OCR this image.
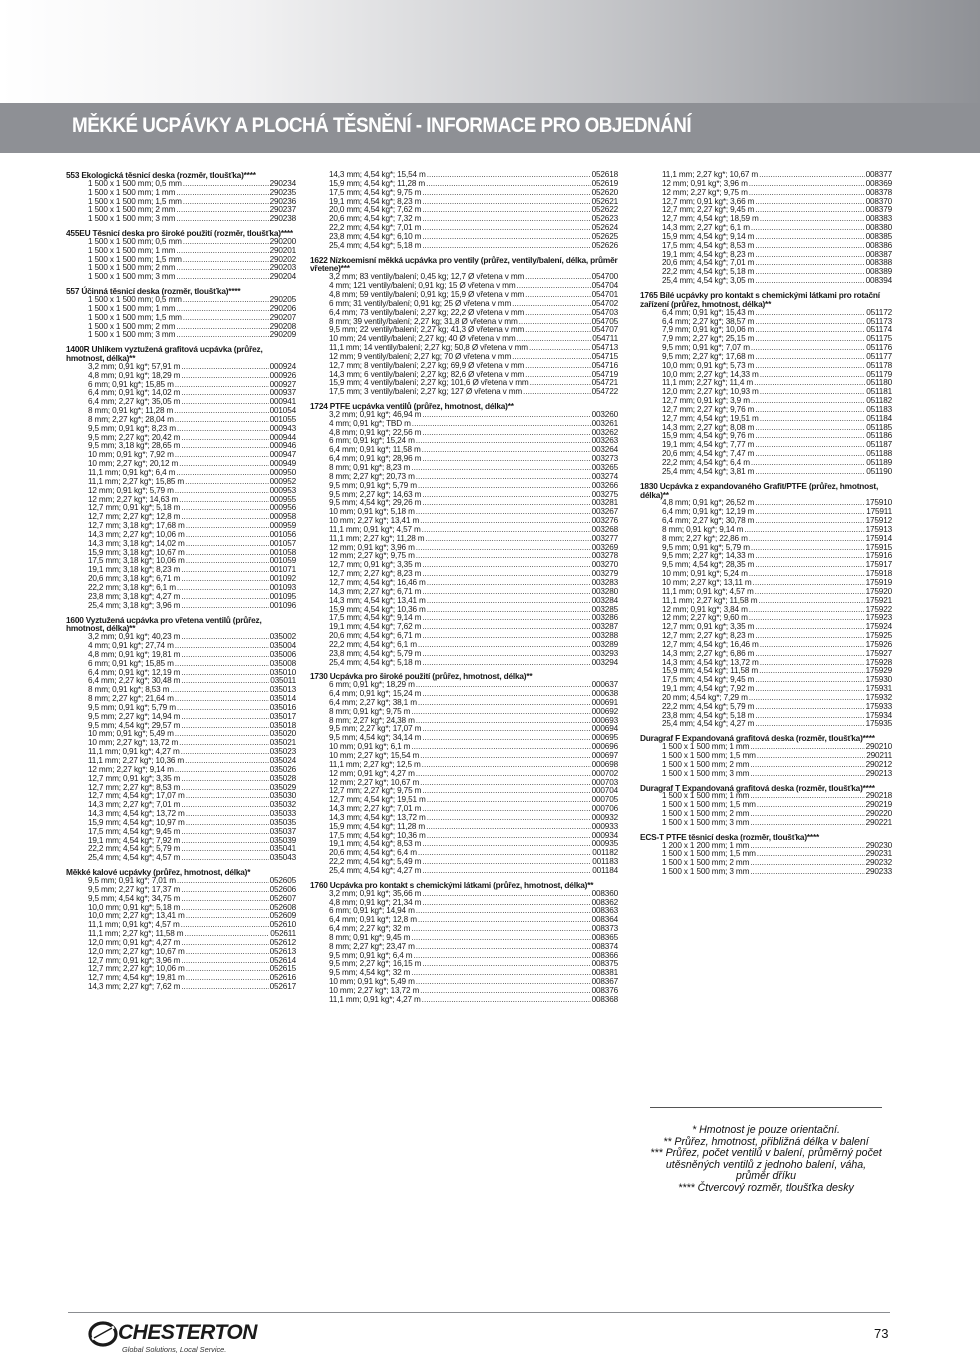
MĚKKÉ UCPÁVKY A PLOCHÁ TĚSNĚNÍ - INFORMACE PRO OBJEDNÁNÍ
553 Ekologická těsnicí deska (rozměr, tloušťka)****
1 500 x 1 500 mm; 0,5 mm .....	290234
1 500 x 1 500 mm; 1 mm .....	290235
1 500 x 1 500 mm; 1,5 mm .....	290236
1 500 x 1 500 mm; 2 mm .....	290237
1 500 x 1 500 mm; 3 mm .....	290238
455EU Těsnicí deska pro široké použití (rozměr, tloušťka)****
1 500 x 1 500 mm; 0,5 mm .....	290200
1 500 x 1 500 mm; 1 mm .....	290201
1 500 x 1 500 mm; 1,5 mm .....	290202
1 500 x 1 500 mm; 2 mm .....	290203
1 500 x 1 500 mm; 3 mm .....	290204
557 Účinná těsnicí deska (rozměr, tloušťka)****
1 500 x 1 500 mm; 0,5 mm .....	290205
1 500 x 1 500 mm; 1 mm .....	290206
1 500 x 1 500 mm; 1,5 mm .....	290207
1 500 x 1 500 mm; 2 mm .....	290208
1 500 x 1 500 mm; 3 mm .....	290209
1400R Uhlíkem vyztužená grafitová ucpávka (průřez, hmotnost, délka)**
3,2 mm; 0,91 kg*; 57,91 m .....	000924
4,8 mm; 0,91 kg*; 18,29 m .....	000926
6 mm; 0,91 kg*; 15,85 m .....	000927
6,4 mm; 0,91 kg*; 14,02 m .....	000937
6,4 mm; 2,27 kg*; 35,05 m .....	000941
8 mm; 0,91 kg*; 11,28 m .....	001054
8 mm; 2,27 kg*; 28,04 m .....	001055
9,5 mm; 0,91 kg*; 8,23 m .....	000943
9,5 mm; 2,27 kg*; 20,42 m .....	000944
9,5 mm; 3,18 kg*; 28,65 m .....	000946
10 mm; 0,91 kg*; 7,92 m .....	000947
10 mm; 2,27 kg*; 20,12 m .....	000949
11,1 mm; 0,91 kg*; 6,4 m .....	000950
11,1 mm; 2,27 kg*; 15,85 m .....	000952
12 mm; 0,91 kg*; 5,79 m .....	000953
12 mm; 2,27 kg*; 14,63 m .....	000955
12,7 mm; 0,91 kg*; 5,18 m .....	000956
12,7 mm; 2,27 kg*; 12,8 m .....	000958
12,7 mm; 3,18 kg*; 17,68 m .....	000959
14,3 mm; 2,27 kg*; 10,06 m .....	001056
14,3 mm; 3,18 kg*; 14,02 m .....	001057
15,9 mm; 3,18 kg*; 10,67 m .....	001058
17,5 mm; 3,18 kg*; 10,06 m .....	001059
19,1 mm; 3,18 kg*; 8,23 m .....	001071
20,6 mm; 3,18 kg*; 6,71 m .....	001092
22,2 mm; 3,18 kg*; 6,1 m .....	001093
23,8 mm; 3,18 kg*; 4,27 m .....	001095
25,4 mm; 3,18 kg*; 3,96 m .....	001096
1600 Vyztužená ucpávka pro vřetena ventilů (průřez, hmotnost, délka)**
3,2 mm; 0,91 kg*; 40,23 m .....	035002
4 mm; 0,91 kg*; 27,74 m .....	035004
4,8 mm; 0,91 kg*; 19,81 m .....	035006
6 mm; 0,91 kg*; 15,85 m .....	035008
6,4 mm; 0,91 kg*; 12,19 m .....	035010
6,4 mm; 2,27 kg*; 30,48 m .....	035011
8 mm; 0,91 kg*; 8,53 m .....	035013
8 mm; 2,27 kg*; 21,64 m .....	035014
9,5 mm; 0,91 kg*; 5,79 m .....	035016
9,5 mm; 2,27 kg*; 14,94 m .....	035017
9,5 mm; 4,54 kg*; 29,57 m .....	035018
10 mm; 0,91 kg*; 5,49 m .....	035020
10 mm; 2,27 kg*; 13,72 m .....	035021
11,1 mm; 0,91 kg*; 4,27 m .....	035023
11,1 mm; 2,27 kg*; 10,36 m .....	035024
12 mm; 2,27 kg*; 9,14 m .....	035026
12,7 mm; 0,91 kg*; 3,35 m .....	035028
12,7 mm; 2,27 kg*; 8,53 m .....	035029
12,7 mm; 4,54 kg*; 17,07 m .....	035030
14,3 mm; 2,27 kg*; 7,01 m .....	035032
14,3 mm; 4,54 kg*; 13,72 m .....	035033
15,9 mm; 4,54 kg*; 10,97 m .....	035035
17,5 mm; 4,54 kg*; 9,45 m .....	035037
19,1 mm; 4,54 kg*; 7,92 m .....	035039
22,2 mm; 4,54 kg*; 5,79 m .....	035041
25,4 mm; 4,54 kg*; 4,57 m .....	035043
Měkké kalové ucpávky (průřez, hmotnost, délka)*
9,5 mm; 0,91 kg*; 7,01 m .....	052605
9,5 mm; 2,27 kg*; 17,37 m .....	052606
9,5 mm; 4,54 kg*; 34,75 m .....	052607
10,0 mm; 0,91 kg*; 5,18 m .....	052608
10,0 mm; 2,27 kg*; 13,41 m .....	052609
11,1 mm; 0,91 kg*; 4,57 m .....	052610
11,1 mm; 2,27 kg*; 11,58 m .....	052611
12,0 mm; 0,91 kg*; 4,27 m .....	052612
12,0 mm; 2,27 kg*; 10,67 m .....	052613
12,7 mm; 0,91 kg*; 3,96 m .....	052614
12,7 mm; 2,27 kg*; 10,06 m .....	052615
12,7 mm; 4,54 kg*; 19,81 m .....	052616
14,3 mm; 2,27 kg*; 7,62 m .....	052617
14,3 mm; 4,54 kg*; 15,54 m .....	052618
15,9 mm; 4,54 kg*; 11,28 m .....	052619
17,5 mm; 4,54 kg*; 9,75 m .....	052620
19,1 mm; 4,54 kg*; 8,23 m .....	052621
20,0 mm; 4,54 kg*; 7,62 m .....	052622
20,6 mm; 4,54 kg*; 7,32 m .....	052623
22,2 mm; 4,54 kg*; 7,01 m .....	052624
23,8 mm; 4,54 kg*; 6,10 m .....	052625
25,4 mm; 4,54 kg*; 5,18 m .....	052626
1622 Nízkoemisní měkká ucpávka pro ventily (průřez, ventily/balení, délka, průměr vřetene)***
3,2 mm; 83 ventily/balení; 0,45 kg; 12,7 Ø vřetena v mm .....	054700
4 mm; 121 ventily/balení; 0,91 kg; 15 Ø vřetena v mm .....	054704
4,8 mm; 59 ventily/balení; 0,91 kg; 15,9 Ø vřetena v mm .....	054701
6 mm; 31 ventily/balení; 0,91 kg; 25 Ø vřetena v mm .....	054702
6,4 mm; 73 ventily/balení; 2,27 kg; 22,2 Ø vřetena v mm .....	054703
8 mm; 39 ventily/balení; 2,27 kg; 31,8 Ø vřetena v mm .....	054705
9,5 mm; 22 ventily/balení; 2,27 kg; 41,3 Ø vřetena v mm .....	054707
10 mm; 24 ventily/balení; 2,27 kg; 40 Ø vřetena v mm .....	054711
11,1 mm; 14 ventily/balení; 2,27 kg; 50,8 Ø vřetena v mm .....	054713
12 mm; 9 ventily/balení; 2,27 kg; 70 Ø vřetena v mm .....	054715
12,7 mm; 8 ventily/balení; 2,27 kg; 69,9 Ø vřetena v mm .....	054716
14,3 mm; 6 ventily/balení; 2,27 kg; 82,6 Ø vřetena v mm .....	054719
15,9 mm; 4 ventily/balení; 2,27 kg; 101,6 Ø vřetena v mm .....	054721
17,5 mm; 3 ventily/balení; 2,27 kg; 127 Ø vřetena v mm .....	054722
1724 PTFE ucpávka ventilů (průřez, hmotnost, délka)**
3,2 mm; 0,91 kg*; 46,94 m .....	003260
4 mm; 0,91 kg*; TBD m .....	003261
4,8 mm; 0,91 kg*; 22,56 m .....	003262
6 mm; 0,91 kg*; 15,24 m .....	003263
6,4 mm; 0,91 kg*; 11,58 m .....	003264
6,4 mm; 0,91 kg*; 28,96 m .....	003273
8 mm; 0,91 kg*; 8,23 m .....	003265
8 mm; 2,27 kg*; 20,73 m .....	003274
9,5 mm; 0,91 kg*; 5,79 m .....	003266
9,5 mm; 2,27 kg*; 14,63 m .....	003275
9,5 mm; 4,54 kg*; 29,26 m .....	003281
10 mm; 0,91 kg*; 5,18 m .....	003267
10 mm; 2,27 kg*; 13,41 m .....	003276
11,1 mm; 0,91 kg*; 4,57 m .....	003268
11,1 mm; 2,27 kg*; 11,28 m .....	003277
12 mm; 0,91 kg*; 3,96 m .....	003269
12 mm; 2,27 kg*; 9,75 m .....	003278
12,7 mm; 0,91 kg*; 3,35 m .....	003270
12,7 mm; 2,27 kg*; 8,23 m .....	003279
12,7 mm; 4,54 kg*; 16,46 m .....	003283
14,3 mm; 2,27 kg*; 6,71 m .....	003280
14,3 mm; 4,54 kg*; 13,41 m .....	003284
15,9 mm; 4,54 kg*; 10,36 m .....	003285
17,5 mm; 4,54 kg*; 9,14 m .....	003286
19,1 mm; 4,54 kg*; 7,62 m .....	003287
20,6 mm; 4,54 kg*; 6,71 m .....	003288
22,2 mm; 4,54 kg*; 6,1 m .....	003289
23,8 mm; 4,54 kg*; 5,79 m .....	003293
25,4 mm; 4,54 kg*; 5,18 m .....	003294
1730 Ucpávka pro široké použití (průřez, hmotnost, délka)**
6 mm; 0,91 kg*; 18,29 m .....	000637
6,4 mm; 0,91 kg*; 15,24 m .....	000638
6,4 mm; 2,27 kg*; 38,1 m .....	000691
8 mm; 0,91 kg*; 9,75 m .....	000692
8 mm; 2,27 kg*; 24,38 m .....	000693
9,5 mm; 2,27 kg*; 17,07 m .....	000694
9,5 mm; 4,54 kg*; 34,14 m .....	000695
10 mm; 0,91 kg*; 6,1 m .....	000696
10 mm; 2,27 kg*; 15,54 m .....	000697
11,1 mm; 2,27 kg*; 12,5 m .....	000698
12 mm; 0,91 kg*; 4,27 m .....	000702
12 mm; 2,27 kg*; 10,67 m .....	000703
12,7 mm; 2,27 kg*; 9,75 m .....	000704
12,7 mm; 4,54 kg*; 19,51 m .....	000705
14,3 mm; 2,27 kg*; 7,01 m .....	000706
14,3 mm; 4,54 kg*; 13,72 m .....	000932
15,9 mm; 4,54 kg*; 11,28 m .....	000933
17,5 mm; 4,54 kg*; 10,36 m .....	000934
19,1 mm; 4,54 kg*; 8,53 m .....	000935
20,6 mm; 4,54 kg*; 6,4 m .....	001182
22,2 mm; 4,54 kg*; 5,49 m .....	001183
25,4 mm; 4,54 kg*; 4,27 m .....	001184
1760 Ucpávka pro kontakt s chemickými látkami (průřez, hmotnost, délka)**
3,2 mm; 0,91 kg*; 35,66 m .....	008360
4,8 mm; 0,91 kg*; 21,34 m .....	008362
6 mm; 0,91 kg*; 14,94 m .....	008363
6,4 mm; 0,91 kg*; 12,8 m .....	008364
6,4 mm; 2,27 kg*; 32 m .....	008373
8 mm; 0,91 kg*; 9,45 m .....	008365
8 mm; 2,27 kg*; 23,47 m .....	008374
9,5 mm; 0,91 kg*; 6,4 m .....	008366
9,5 mm; 2,27 kg*; 16,15 m .....	008375
9,5 mm; 4,54 kg*; 32 m .....	008381
10 mm; 0,91 kg*; 5,49 m .....	008367
10 mm; 2,27 kg*; 13,72 m .....	008376
11,1 mm; 0,91 kg*; 4,27 m .....	008368
11,1 mm; 2,27 kg*; 10,67 m .....	008377
12 mm; 0,91 kg*; 3,96 m .....	008369
12 mm; 2,27 kg*; 9,75 m .....	008378
12,7 mm; 0,91 kg*; 3,66 m .....	008370
12,7 mm; 2,27 kg*; 9,45 m .....	008379
12,7 mm; 4,54 kg*; 18,59 m .....	008383
14,3 mm; 2,27 kg*; 6,1 m .....	008380
15,9 mm; 4,54 kg*; 9,14 m .....	008385
17,5 mm; 4,54 kg*; 8,53 m .....	008386
19,1 mm; 4,54 kg*; 8,23 m .....	008387
20,6 mm; 4,54 kg*; 7,01 m .....	008388
22,2 mm; 4,54 kg*; 5,18 m .....	008389
25,4 mm; 4,54 kg*; 3,05 m .....	008394
1765 Bílé ucpávky pro kontakt s chemickými látkami pro rotační zařízení (průřez, hmotnost, délka)**
6,4 mm; 0,91 kg*; 15,43 m .....	051172
6,4 mm; 2,27 kg*; 38,57 m .....	051173
7,9 mm; 0,91 kg*; 10,06 m .....	051174
7,9 mm; 2,27 kg*; 25,15 m .....	051175
9,5 mm; 0,91 kg*; 7,07 m .....	051176
9,5 mm; 2,27 kg*; 17,68 m .....	051177
10,0 mm; 0,91 kg*; 5,73 m .....	051178
10,0 mm; 2,27 kg*; 14,33 m .....	051179
11,1 mm; 2,27 kg*; 11,4 m .....	051180
12,0 mm; 2,27 kg*; 10,93 m .....	051181
12,7 mm; 0,91 kg*; 3,9 m .....	051182
12,7 mm; 2,27 kg*; 9,76 m .....	051183
12,7 mm; 4,54 kg*; 19,51 m .....	051184
14,3 mm; 2,27 kg*; 8,08 m .....	051185
15,9 mm; 4,54 kg*; 9,76 m .....	051186
19,1 mm; 4,54 kg*; 7,77 m .....	051187
20,6 mm; 4,54 kg*; 7,47 m .....	051188
22,2 mm; 4,54 kg*; 6,4 m .....	051189
25,4 mm; 4,54 kg*; 3,81 m .....	051190
1830 Ucpávka z expandovaného Grafit/PTFE (průřez, hmotnost, délka)**
4,8 mm; 0,91 kg*; 26,52 m .....	175910
6,4 mm; 0,91 kg*; 12,19 m .....	175911
6,4 mm; 2,27 kg*; 30,78 m .....	175912
8 mm; 0,91 kg*; 9,14 m .....	175913
8 mm; 2,27 kg*; 22,86 m .....	175914
9,5 mm; 0,91 kg*; 5,79 m .....	175915
9,5 mm; 2,27 kg*; 14,33 m .....	175916
9,5 mm; 4,54 kg*; 28,35 m .....	175917
10 mm; 0,91 kg*; 5,24 m .....	175918
10 mm; 2,27 kg*; 13,11 m .....	175919
11,1 mm; 0,91 kg*; 4,57 m .....	175920
11,1 mm; 2,27 kg*; 11,58 m .....	175921
12 mm; 0,91 kg*; 3,84 m .....	175922
12 mm; 2,27 kg*; 9,60 m .....	175923
12,7 mm; 0,91 kg*; 3,35 m .....	175924
12,7 mm; 2,27 kg*; 8,23 m .....	175925
12,7 mm; 4,54 kg*; 16,46 m .....	175926
14,3 mm; 2,27 kg*; 6,86 m .....	175927
14,3 mm; 4,54 kg*; 13,72 m .....	175928
15,9 mm; 4,54 kg*; 11,58 m .....	175929
17,5 mm; 4,54 kg*; 9,45 m .....	175930
19,1 mm; 4,54 kg*; 7,92 m .....	175931
20 mm; 4,54 kg*; 7,29 m .....	175932
22,2 mm; 4,54 kg*; 5,79 m .....	175933
23,8 mm; 4,54 kg*; 5,18 m .....	175934
25,4 mm; 4,54 kg*; 4,27 m .....	175935
Duragraf F Expandovaná grafitová deska (rozměr, tloušťka)****
1 500 x 1 500 mm; 1 mm .....	290210
1 500 x 1 500 mm; 1,5 mm .....	290211
1 500 x 1 500 mm; 2 mm .....	290212
1 500 x 1 500 mm; 3 mm .....	290213
Duragraf T Expandovaná grafitová deska (rozměr, tloušťka)****
1 500 x 1 500 mm; 1 mm .....	290218
1 500 x 1 500 mm; 1,5 mm .....	290219
1 500 x 1 500 mm; 2 mm .....	290220
1 500 x 1 500 mm; 3 mm .....	290221
ECS-T PTFE těsnicí deska (rozměr, tloušťka)****
1 200 x 1 200 mm; 1 mm .....	290230
1 500 x 1 500 mm; 1,5 mm .....	290231
1 500 x 1 500 mm; 2 mm .....	290232
1 500 x 1 500 mm; 3 mm .....	290233
* Hmotnost je pouze orientační.
** Průřez, hmotnost, přibližná délka v balení
*** Průřez, počet ventilů v balení, průměrný počet utěsněných ventilů z jednoho balení, váha, průměr dříku
**** Čtvercový rozměr, tloušťka desky
CHESTERTON
Global Solutions, Local Service.
73
